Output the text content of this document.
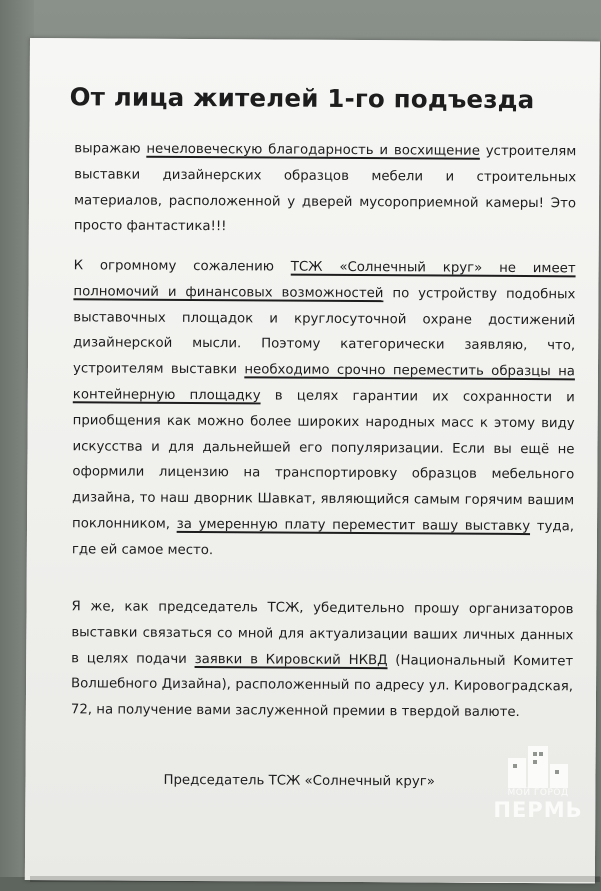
От лица жителей 1-го подъезда

выражаю нечеловеческую благодарность и восхищение устроителям выставки дизайнерских образцов мебели и строительных материалов, расположенной у дверей мусороприемной камеры! Это просто фантастика!!!

К огромному сожалению ТСЖ «Солнечный круг» не имеет полномочий и финансовых возможностей по устройству подобных выставочных площадок и круглосуточной охране достижений дизайнерской мысли. Поэтому категорически заявляю, что, устроителям выставки необходимо срочно переместить образцы на контейнерную площадку в целях гарантии их сохранности и приобщения как можно более широких народных масс к этому виду искусства и для дальнейшей его популяризации. Если вы ещё не оформили лицензию на транспортировку образцов мебельного дизайна, то наш дворник Шавкат, являющийся самым горячим вашим поклонником, за умеренную плату переместит вашу выставку туда, где ей самое место.

Я же, как председатель ТСЖ, убедительно прошу организаторов выставки связаться со мной для актуализации ваших личных данных в целях подачи заявки в Кировский НКВД (Национальный Комитет Волшебного Дизайна), расположенный по адресу ул. Кировоградская, 72, на получение вами заслуженной премии в твердой валюте.

Председатель ТСЖ «Солнечный круг»
МОЙ ГОРОД
ПЕРМЬ
